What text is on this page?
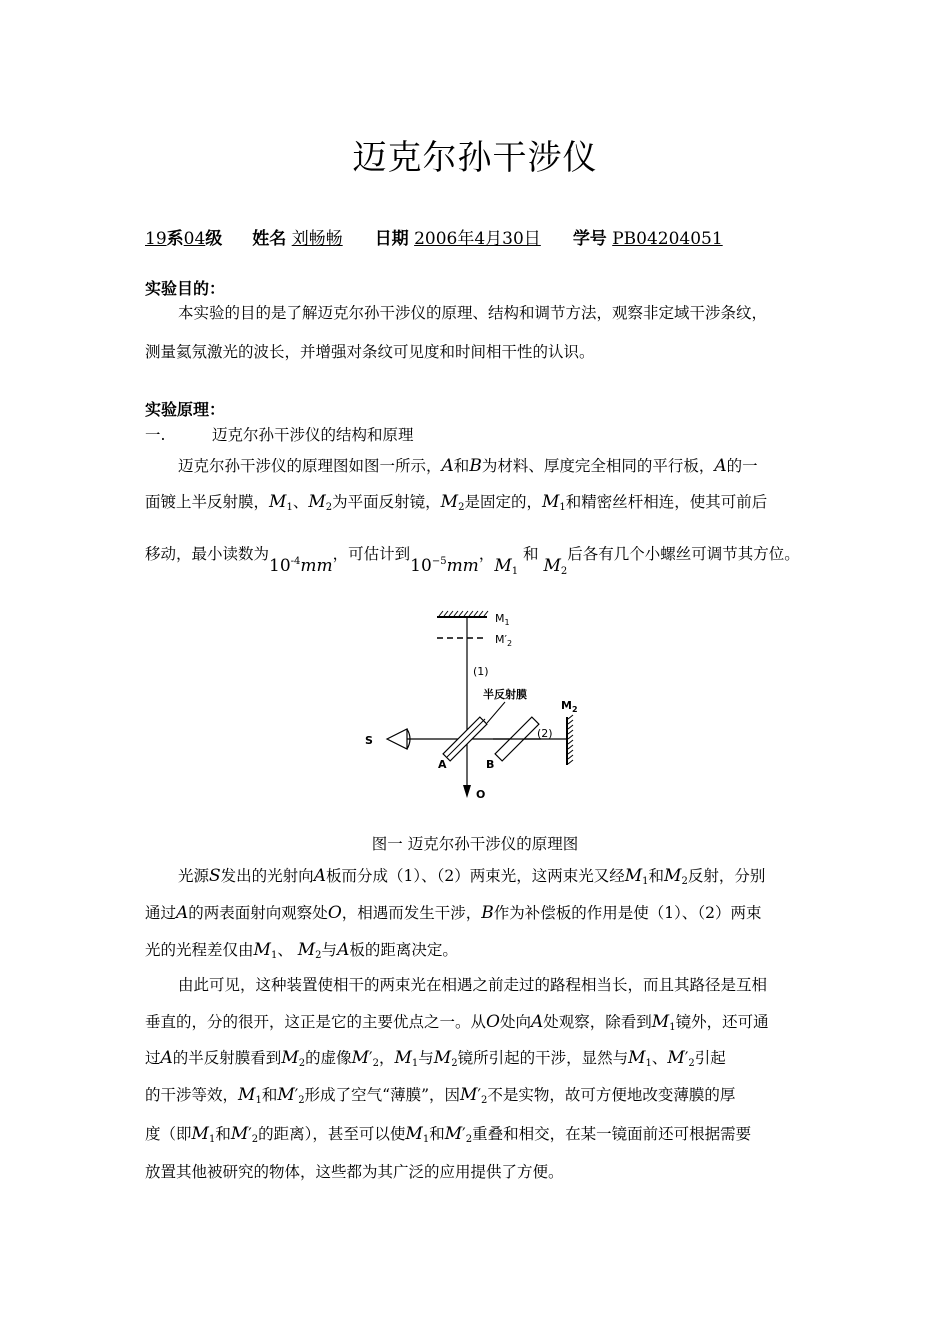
迈克尔孙干涉仪
19系04级 姓名 刘畅畅 日期 2006年4月30日 学号 PB04204051
实验目的：
本实验的目的是了解迈克尔孙干涉仪的原理、结构和调节方法，观察非定域干涉条纹，
测量氦氖激光的波长，并增强对条纹可见度和时间相干性的认识。
实验原理：
一.	迈克尔孙干涉仪的结构和原理
迈克尔孙干涉仪的原理图如图一所示，A和B为材料、厚度完全相同的平行板，A的一
面镀上半反射膜，$M_1$、$M_2$为平面反射镜，$M_2$是固定的，$M_1$和精密丝杆相连，使其可前后
移动，最小读数为$10^{-4}mm$，可估计到$10^{-5}mm$，$M_1$ 和 $M_2$后各有几个小螺丝可调节其方位。
$M_1$
$M'_2$
(1)
半反射膜
S
A	B
(2)
$M_2$
O
图一 迈克尔孙干涉仪的原理图
光源S发出的光射向A板而分成（1）、（2）两束光，这两束光又经$M_1$和$M_2$反射，分别
通过A的两表面射向观察处O，相遇而发生干涉，B作为补偿板的作用是使（1）、（2）两束
光的光程差仅由$M_1$、 $M_2$与A板的距离决定。
由此可见，这种装置使相干的两束光在相遇之前走过的路程相当长，而且其路径是互相
垂直的，分的很开，这正是它的主要优点之一。从O处向A处观察，除看到$M_1$镜外，还可通
过A的半反射膜看到$M_2$的虚像$M'_2$，$M_1$与$M_2$镜所引起的干涉，显然与$M_1$、$M'_2$引起
的干涉等效，$M_1$和$M'_2$形成了空气“薄膜”，因$M'_2$不是实物，故可方便地改变薄膜的厚
度（即$M_1$和$M'_2$的距离），甚至可以使$M_1$和$M'_2$重叠和相交，在某一镜面前还可根据需要
放置其他被研究的物体，这些都为其广泛的应用提供了方便。
